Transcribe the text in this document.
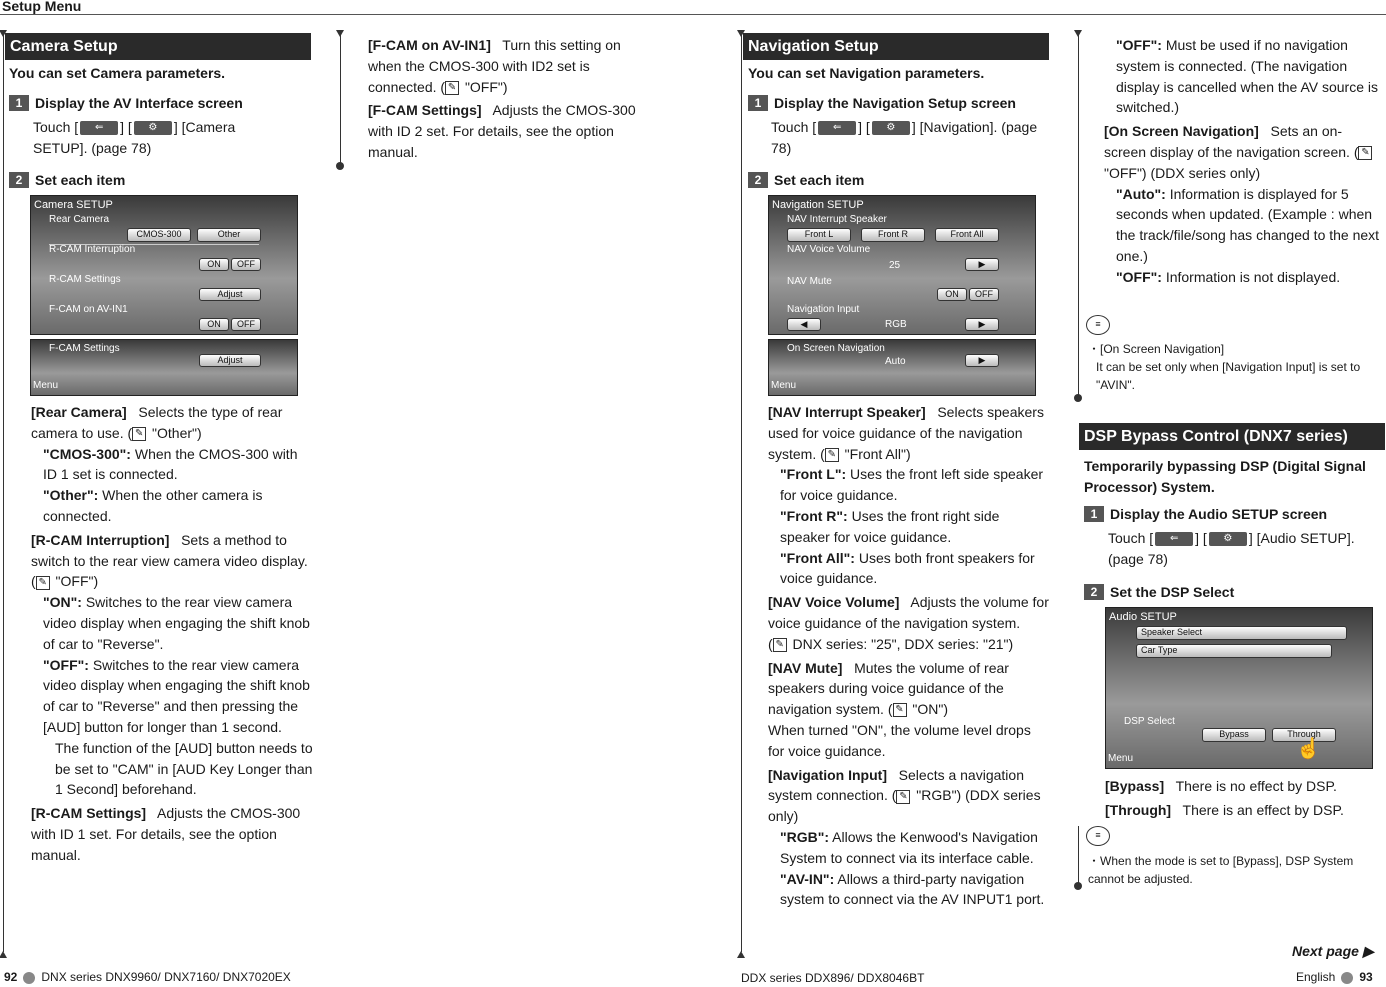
Setup Menu
Camera Setup
You can set Camera parameters.
1 Display the AV Interface screen
Touch [ ⇐ ] [ ⚙ ] [Camera SETUP]. (page 78)
2 Set each item
Camera SETUP
Rear Camera
CMOS-300	Other
R-CAM Interruption
ON	OFF
R-CAM Settings
Adjust
F-CAM on AV-IN1
ON	OFF
F-CAM Settings
Adjust
Menu
[Rear Camera] Selects the type of rear camera to use. ( ✎ "Other")
"CMOS-300": When the CMOS-300 with ID 1 set is connected.
"Other": When the other camera is connected.
[R-CAM Interruption] Sets a method to switch to the rear view camera video display. ( ✎ "OFF")
"ON": Switches to the rear view camera video display when engaging the shift knob of car to "Reverse".
"OFF": Switches to the rear view camera video display when engaging the shift knob of car to "Reverse" and then pressing the [AUD] button for longer than 1 second.
The function of the [AUD] button needs to be set to "CAM" in [AUD Key Longer than 1 Second] beforehand.
[R-CAM Settings] Adjusts the CMOS-300 with ID 1 set. For details, see the option manual.
[F-CAM on AV-IN1] Turn this setting on when the CMOS-300 with ID2 set is connected. ( ✎ "OFF")
[F-CAM Settings] Adjusts the CMOS-300 with ID 2 set. For details, see the option manual.
Navigation Setup
You can set Navigation parameters.
1 Display the Navigation Setup screen
Touch [ ⇐ ] [ ⚙ ] [Navigation]. (page 78)
2 Set each item
Navigation SETUP
NAV Interrupt Speaker
Front L	Front R	Front All
NAV Voice Volume
25	▶
NAV Mute
ON	OFF
Navigation Input
◀	RGB	▶
On Screen Navigation
Auto	▶
Menu
[NAV Interrupt Speaker] Selects speakers used for voice guidance of the navigation system. ( ✎ "Front All")
"Front L": Uses the front left side speaker for voice guidance.
"Front R": Uses the front right side speaker for voice guidance.
"Front All": Uses both front speakers for voice guidance.
[NAV Voice Volume] Adjusts the volume for voice guidance of the navigation system.
( ✎ DNX series: "25", DDX series: "21")
[NAV Mute] Mutes the volume of rear speakers during voice guidance of the navigation system. ( ✎ "ON")
When turned "ON", the volume level drops for voice guidance.
[Navigation Input] Selects a navigation system connection. ( ✎ "RGB") (DDX series only)
"RGB": Allows the Kenwood's Navigation System to connect via its interface cable.
"AV-IN": Allows a third-party navigation system to connect via the AV INPUT1 port.
"OFF": Must be used if no navigation system is connected. (The navigation display is cancelled when the AV source is switched.)
[On Screen Navigation] Sets an on-screen display of the navigation screen. ( ✎ "OFF") (DDX series only)
"Auto": Information is displayed for 5 seconds when updated. (Example : when the track/file/song has changed to the next one.)
"OFF": Information is not displayed.
≡
・[On Screen Navigation]
It can be set only when [Navigation Input] is set to "AVIN".
DSP Bypass Control (DNX7 series)
Temporarily bypassing DSP (Digital Signal Processor) System.
1 Display the Audio SETUP screen
Touch [ ⇐ ] [ ⚙ ] [Audio SETUP]. (page 78)
2 Set the DSP Select
Audio SETUP
Speaker Select
Car Type
DSP Select
Bypass	Through
Menu	☝
[Bypass] There is no effect by DSP.
[Through] There is an effect by DSP.
≡
・When the mode is set to [Bypass], DSP System cannot be adjusted.
92 DNX series DNX9960/ DNX7160/ DNX7020EX	DDX series DDX896/ DDX8046BT
Next page ▶
English 93
